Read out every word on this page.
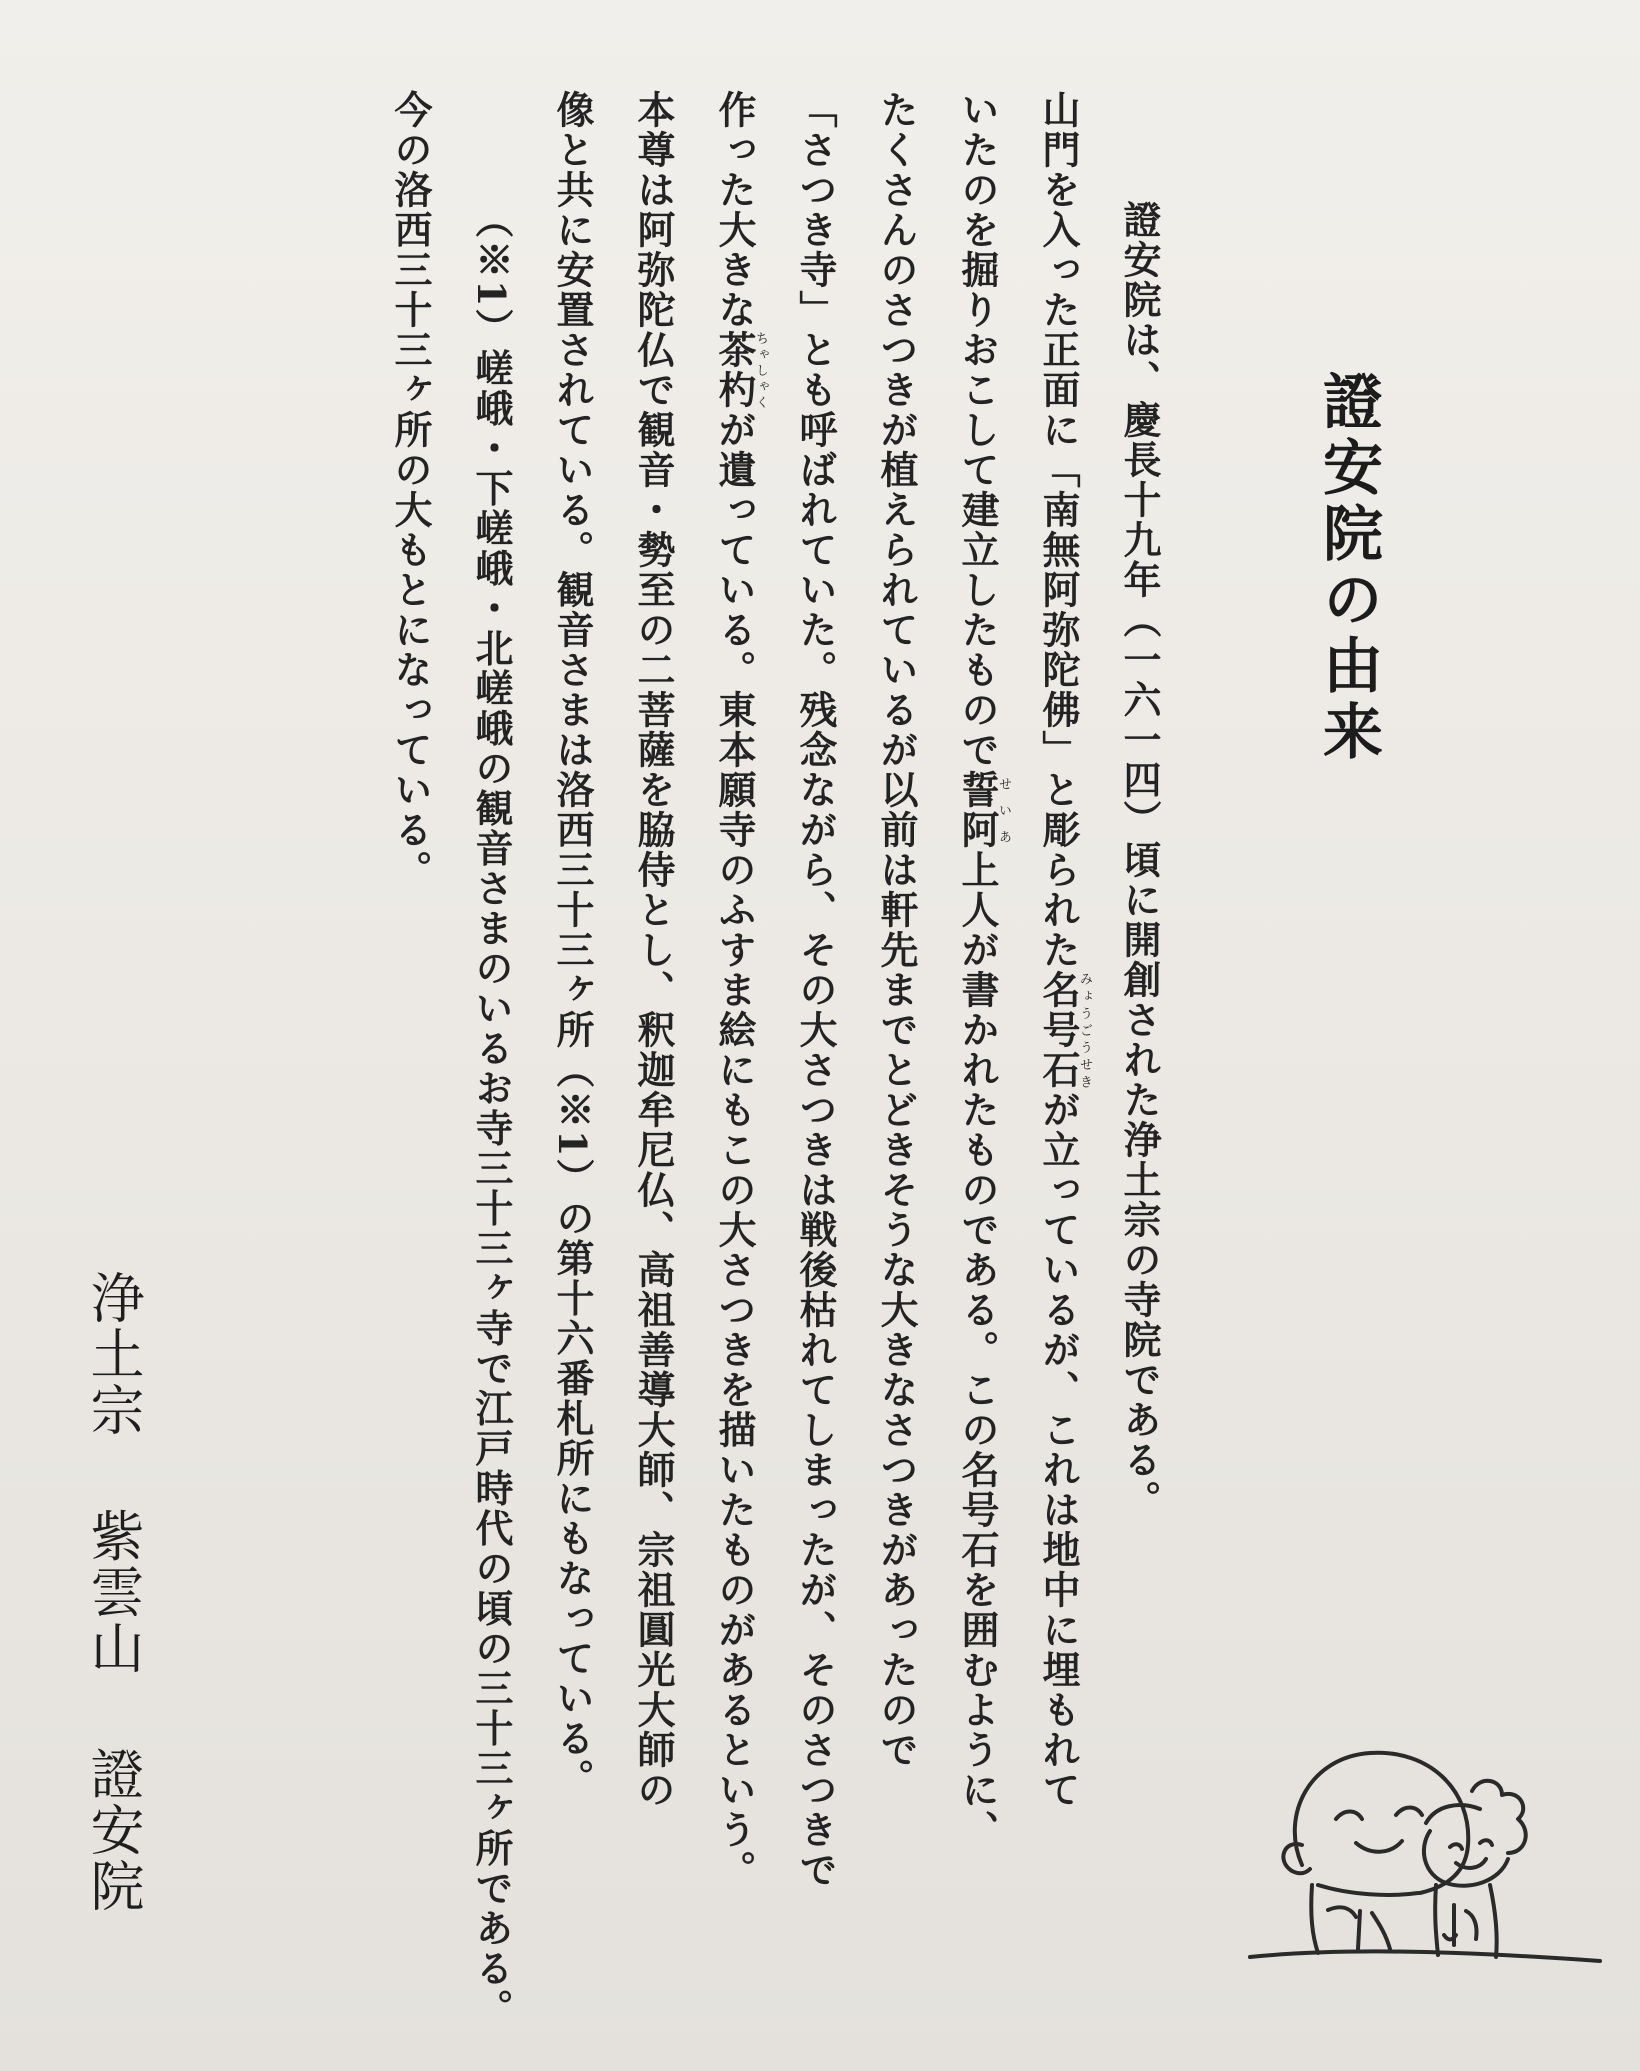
證安院の由来
證安院は、慶長十九年（一六一四）頃に開創された浄土宗の寺院である。
山門を入った正面に「南無阿弥陀佛」と彫られた名号石みょうごうせきが立っているが、これは地中に埋もれて
いたのを掘りおこして建立したもので誓阿せいあ上人が書かれたものである。この名号石を囲むように、
たくさんのさつきが植えられているが以前は軒先までとどきそうな大きなさつきがあったので
「さつき寺」とも呼ばれていた。残念ながら、その大さつきは戦後枯れてしまったが、そのさつきで
作った大きな茶杓ちゃしゃくが遺っている。東本願寺のふすま絵にもこの大さつきを描いたものがあるという。
本尊は阿弥陀仏で観音・勢至の二菩薩を脇侍とし、釈迦牟尼仏、高祖善導大師、宗祖圓光大師の
像と共に安置されている。観音さまは洛西三十三ヶ所（※1）の第十六番札所にもなっている。
（※1）嵯峨・下嵯峨・北嵯峨の観音さまのいるお寺三十三ヶ寺で江戸時代の頃の三十三ヶ所である。
今の洛西三十三ヶ所の大もとになっている。
浄土宗紫雲山證安院
